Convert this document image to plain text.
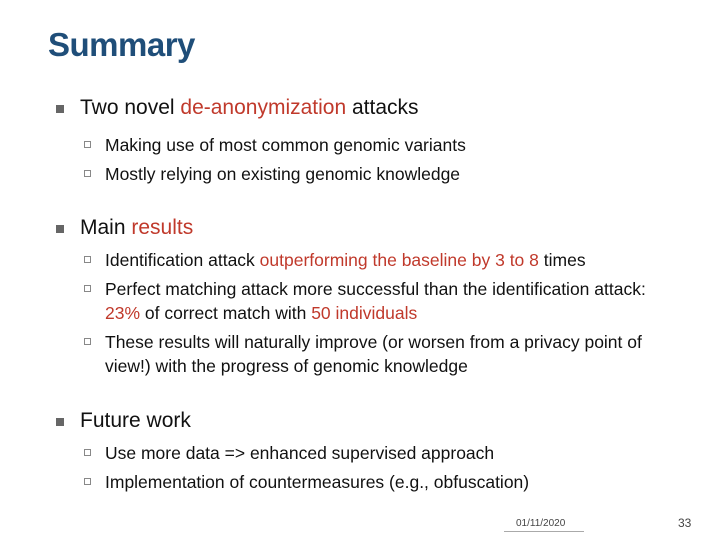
Summary
Two novel de-anonymization attacks
Making use of most common genomic variants
Mostly relying on existing genomic knowledge
Main results
Identification attack outperforming the baseline by 3 to 8 times
Perfect matching attack more successful than the identification attack: 23% of correct match with 50 individuals
These results will naturally improve (or worsen from a privacy point of view!) with the progress of genomic knowledge
Future work
Use more data => enhanced supervised approach
Implementation of countermeasures (e.g., obfuscation)
01/11/2020	33
